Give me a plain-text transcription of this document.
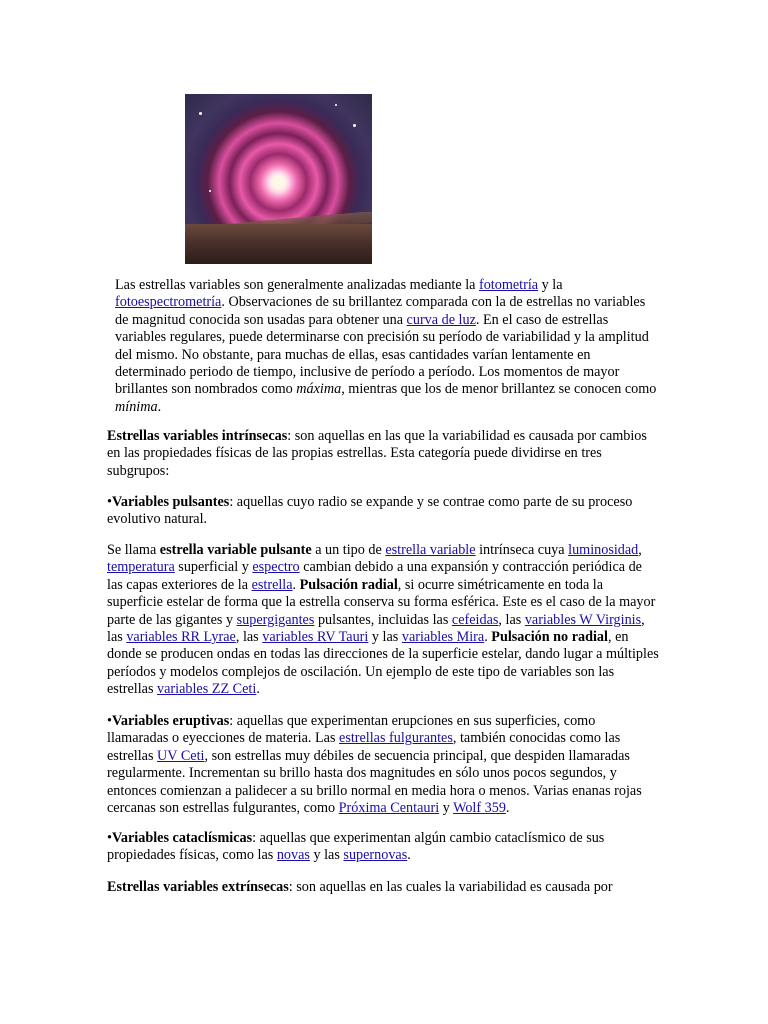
Las estrellas variables son generalmente analizadas mediante la fotometría y la fotoespectrometría. Observaciones de su brillantez comparada con la de estrellas no variables de magnitud conocida son usadas para obtener una curva de luz. En el caso de estrellas variables regulares, puede determinarse con precisión su período de variabilidad y la amplitud del mismo. No obstante, para muchas de ellas, esas cantidades varían lentamente en determinado periodo de tiempo, inclusive de período a período. Los momentos de mayor brillantes son nombrados como máxima, mientras que los de menor brillantez se conocen como mínima.

Estrellas variables intrínsecas: son aquellas en las que la variabilidad es causada por cambios en las propiedades físicas de las propias estrellas. Esta categoría puede dividirse en tres subgrupos:

•Variables pulsantes: aquellas cuyo radio se expande y se contrae como parte de su proceso evolutivo natural.

Se llama estrella variable pulsante a un tipo de estrella variable intrínseca cuya luminosidad, temperatura superficial y espectro cambian debido a una expansión y contracción periódica de las capas exteriores de la estrella. Pulsación radial, si ocurre simétricamente en toda la superficie estelar de forma que la estrella conserva su forma esférica. Este es el caso de la mayor parte de las gigantes y supergigantes pulsantes, incluidas las cefeidas, las variables W Virginis, las variables RR Lyrae, las variables RV Tauri y las variables Mira. Pulsación no radial, en donde se producen ondas en todas las direcciones de la superficie estelar, dando lugar a múltiples períodos y modelos complejos de oscilación. Un ejemplo de este tipo de variables son las estrellas variables ZZ Ceti.

•Variables eruptivas: aquellas que experimentan erupciones en sus superficies, como llamaradas o eyecciones de materia. Las estrellas fulgurantes, también conocidas como las estrellas UV Ceti, son estrellas muy débiles de secuencia principal, que despiden llamaradas regularmente. Incrementan su brillo hasta dos magnitudes en sólo unos pocos segundos, y entonces comienzan a palidecer a su brillo normal en media hora o menos. Varias enanas rojas cercanas son estrellas fulgurantes, como Próxima Centauri y Wolf 359.

•Variables cataclísmicas: aquellas que experimentan algún cambio cataclísmico de sus propiedades físicas, como las novas y las supernovas.

Estrellas variables extrínsecas: son aquellas en las cuales la variabilidad es causada por
